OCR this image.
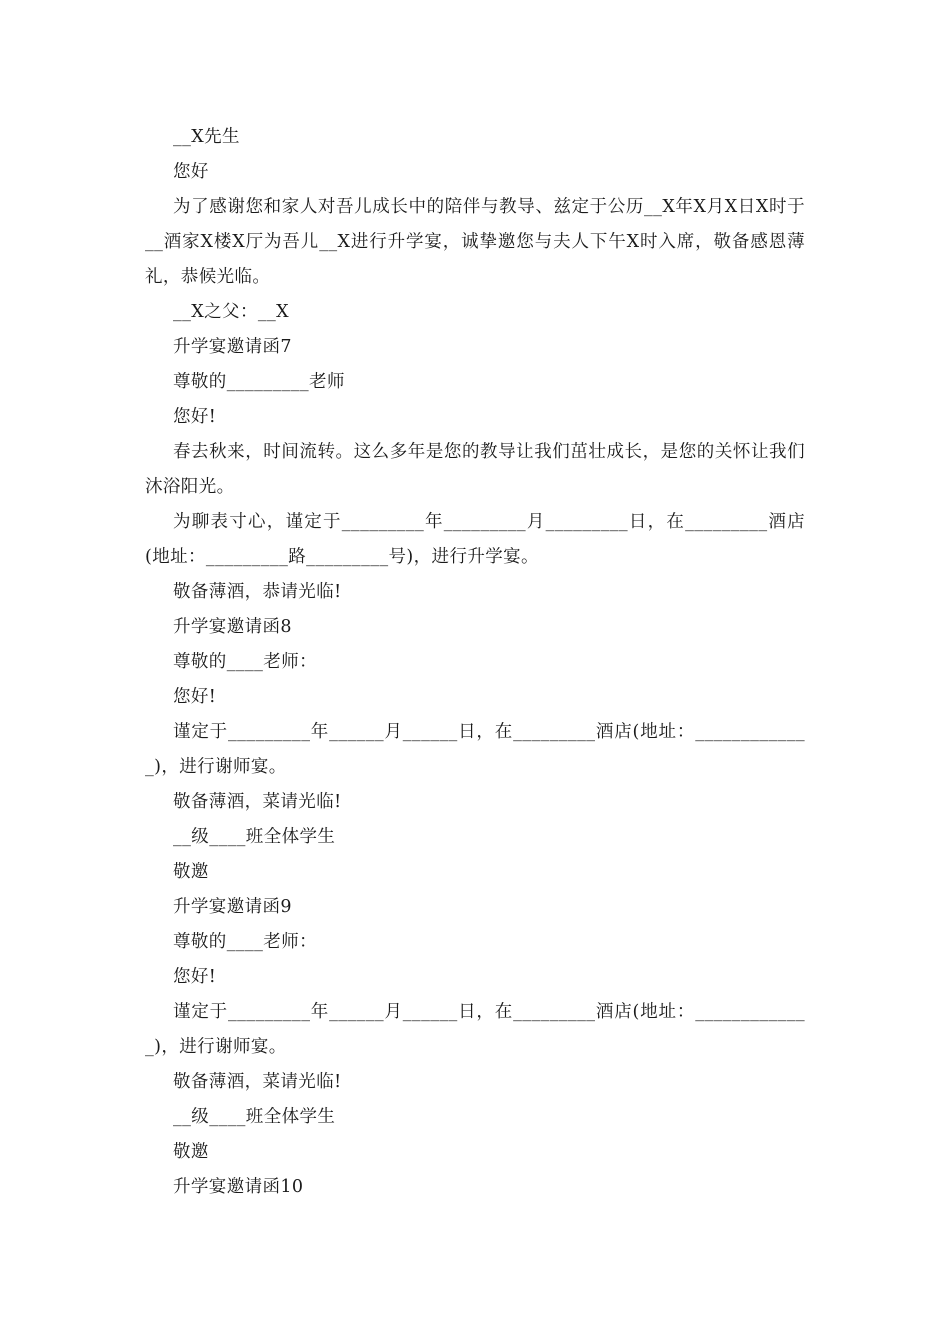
__X先生

您好

为了感谢您和家人对吾儿成长中的陪伴与教导、兹定于公历__X年X月X日X时于__酒家X楼X厅为吾儿__X进行升学宴，诚挚邀您与夫人下午X时入席，敬备感恩薄礼，恭候光临。

__X之父：__X

升学宴邀请函7

尊敬的_________老师

您好!

春去秋来，时间流转。这么多年是您的教导让我们茁壮成长，是您的关怀让我们沐浴阳光。

为聊表寸心，谨定于_________年_________月_________日，在_________酒店(地址：_________路_________号)，进行升学宴。

敬备薄酒，恭请光临!

升学宴邀请函8

尊敬的____老师：

您好!

谨定于_________年______月______日，在_________酒店(地址：_____________)，进行谢师宴。

敬备薄酒，菜请光临!

__级____班全体学生

敬邀

升学宴邀请函9

尊敬的____老师：

您好!

谨定于_________年______月______日，在_________酒店(地址：_____________)，进行谢师宴。

敬备薄酒，菜请光临!

__级____班全体学生

敬邀

升学宴邀请函10
